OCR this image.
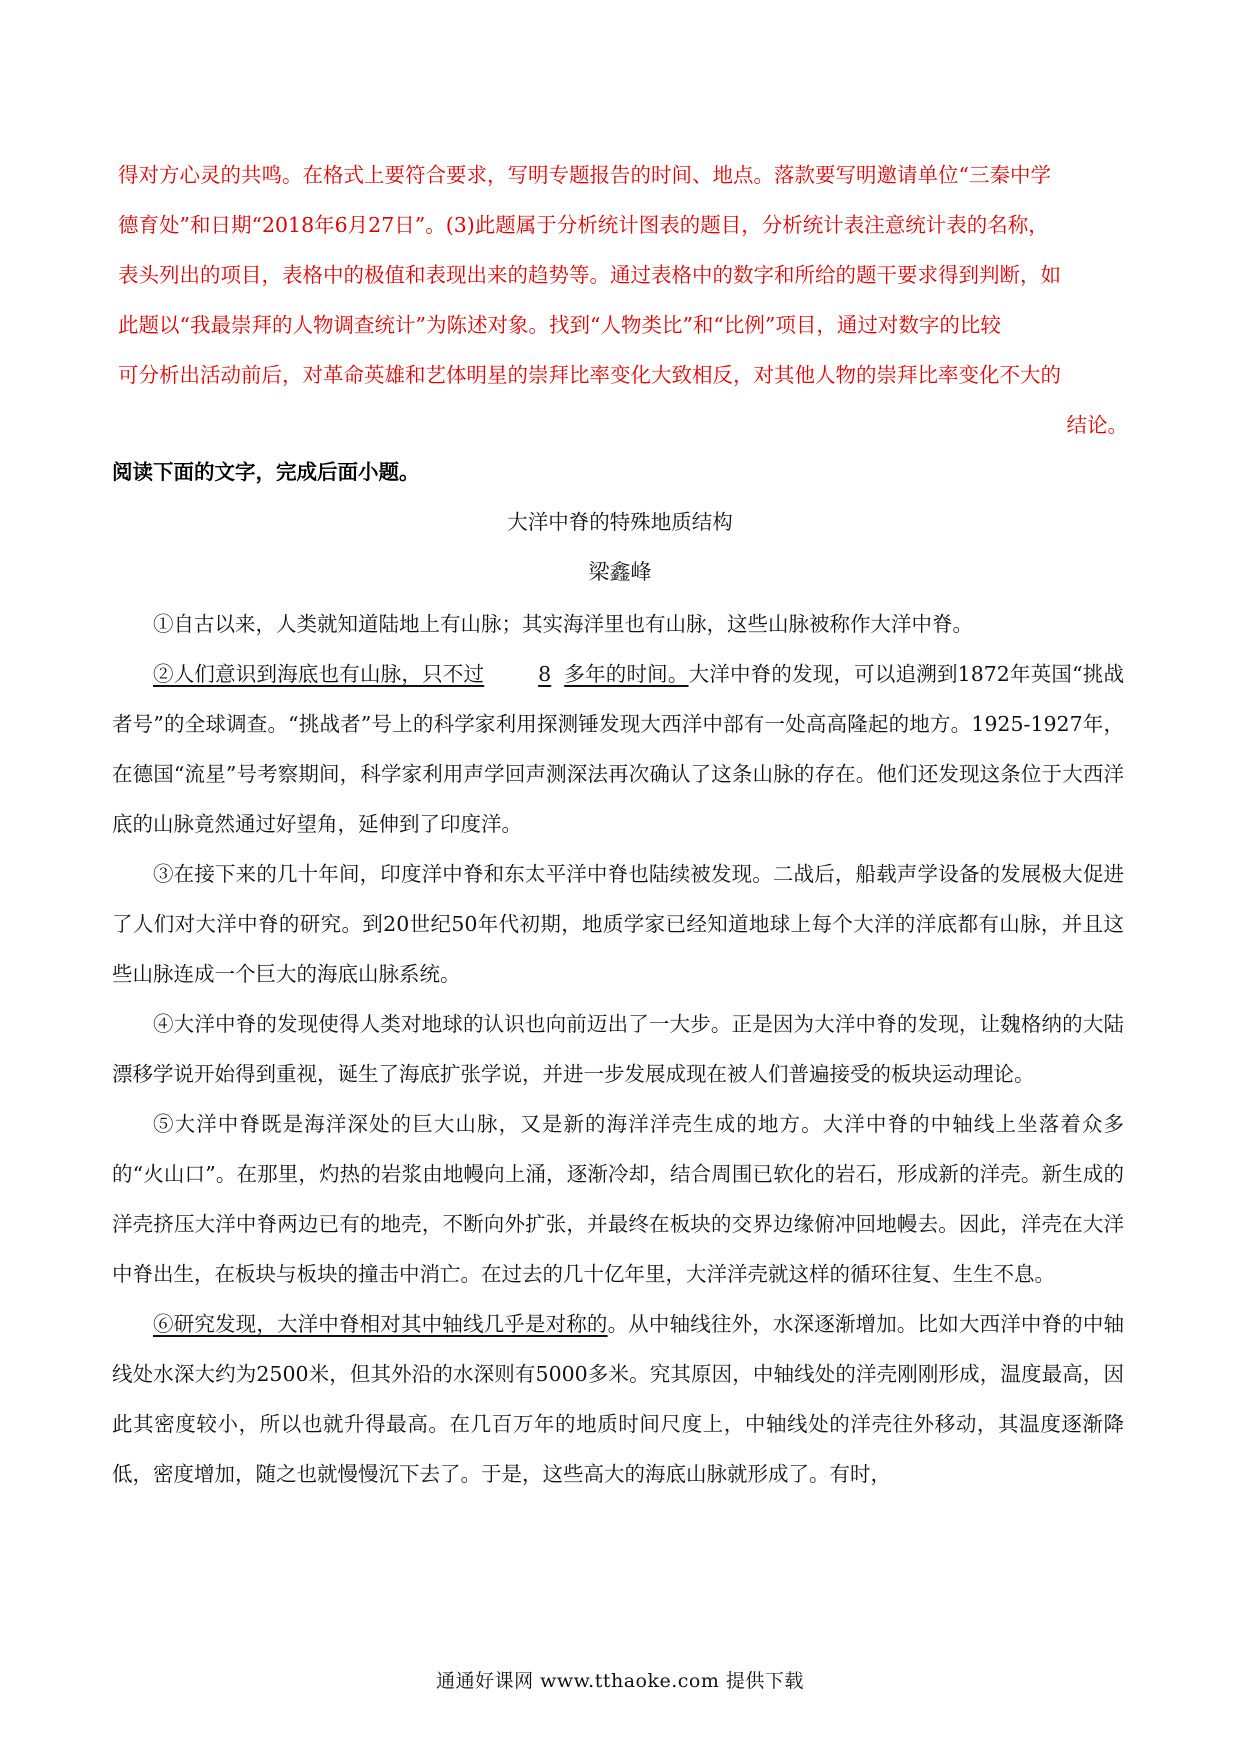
得对方心灵的共鸣。在格式上要符合要求，写明专题报告的时间、地点。落款要写明邀请单位“三秦中学
德育处”和日期“2018年6月27日”。(3)此题属于分析统计图表的题目，分析统计表注意统计表的名称，
表头列出的项目，表格中的极值和表现出来的趋势等。通过表格中的数字和所给的题干要求得到判断，如
此题以“我最崇拜的人物调查统计”为陈述对象。找到“人物类比”和“比例”项目，通过对数字的比较
可分析出活动前后，对革命英雄和艺体明星的崇拜比率变化大致相反，对其他人物的崇拜比率变化不大的
结论。
阅读下面的文字，完成后面小题。
大洋中脊的特殊地质结构
梁鑫峰

①自古以来，人类就知道陆地上有山脉；其实海洋里也有山脉，这些山脉被称作大洋中脊。

②人们意识到海底也有山脉，只不过	8 多年的时间。大洋中脊的发现，可以追溯到1872年英国“挑战者号”的全球调查。“挑战者”号上的科学家利用探测锤发现大西洋中部有一处高高隆起的地方。1925-1927年，在德国“流星”号考察期间，科学家利用声学回声测深法再次确认了这条山脉的存在。他们还发现这条位于大西洋底的山脉竟然通过好望角，延伸到了印度洋。

③在接下来的几十年间，印度洋中脊和东太平洋中脊也陆续被发现。二战后，船载声学设备的发展极大促进了人们对大洋中脊的研究。到20世纪50年代初期，地质学家已经知道地球上每个大洋的洋底都有山脉，并且这些山脉连成一个巨大的海底山脉系统。

④大洋中脊的发现使得人类对地球的认识也向前迈出了一大步。正是因为大洋中脊的发现，让魏格纳的大陆漂移学说开始得到重视，诞生了海底扩张学说，并进一步发展成现在被人们普遍接受的板块运动理论。

⑤大洋中脊既是海洋深处的巨大山脉，又是新的海洋洋壳生成的地方。大洋中脊的中轴线上坐落着众多的“火山口”。在那里，灼热的岩浆由地幔向上涌，逐渐冷却，结合周围已软化的岩石，形成新的洋壳。新生成的洋壳挤压大洋中脊两边已有的地壳，不断向外扩张，并最终在板块的交界边缘俯冲回地幔去。因此，洋壳在大洋中脊出生，在板块与板块的撞击中消亡。在过去的几十亿年里，大洋洋壳就这样的循环往复、生生不息。

⑥研究发现，大洋中脊相对其中轴线几乎是对称的。从中轴线往外，水深逐渐增加。比如大西洋中脊的中轴线处水深大约为2500米，但其外沿的水深则有5000多米。究其原因，中轴线处的洋壳刚刚形成，温度最高，因此其密度较小，所以也就升得最高。在几百万年的地质时间尺度上，中轴线处的洋壳往外移动，其温度逐渐降低，密度增加，随之也就慢慢沉下去了。于是，这些高大的海底山脉就形成了。有时，

通通好课网 www.tthaoke.com 提供下载
